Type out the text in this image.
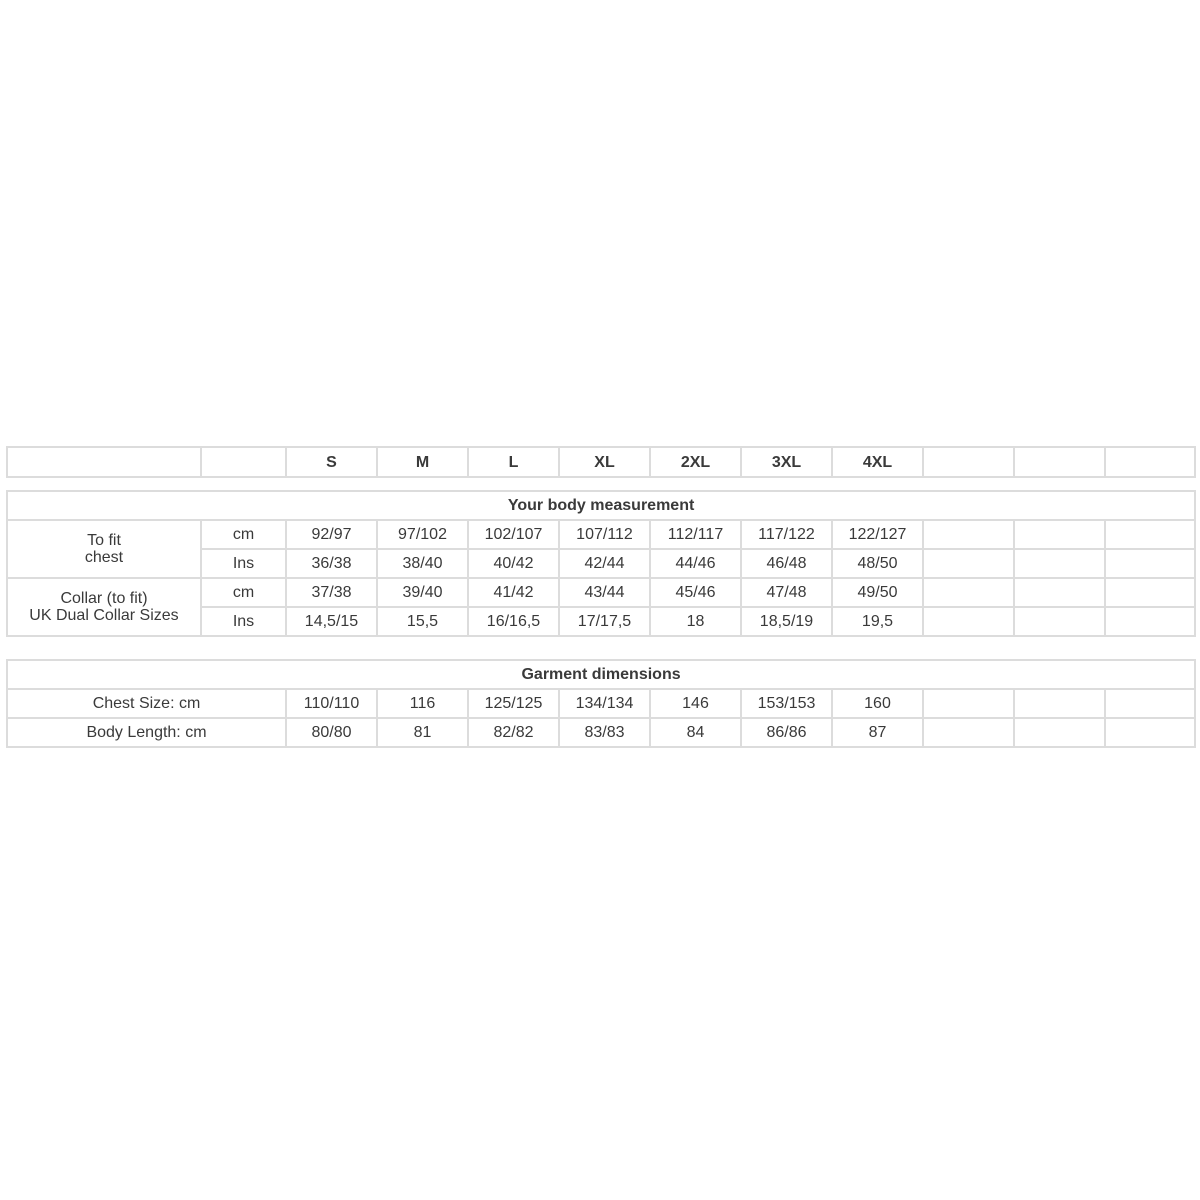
		S	M	L	XL	2XL	3XL	4XL			
Your body measurement											

To fit
chest	cm	92/97	97/102	102/107	107/112	112/117	117/122	122/127			
	Ins	36/38	38/40	40/42	42/44	44/46	46/48	48/50			

Collar (to fit)
UK Dual Collar Sizes	cm	37/38	39/40	41/42	43/44	45/46	47/48	49/50			
	Ins	14,5/15	15,5	16/16,5	17/17,5	18	18,5/19	19,5			
Garment dimensions										
Chest Size: cm	110/110	116	125/125	134/134	146	153/153	160			
Body Length: cm	80/80	81	82/82	83/83	84	86/86	87			
